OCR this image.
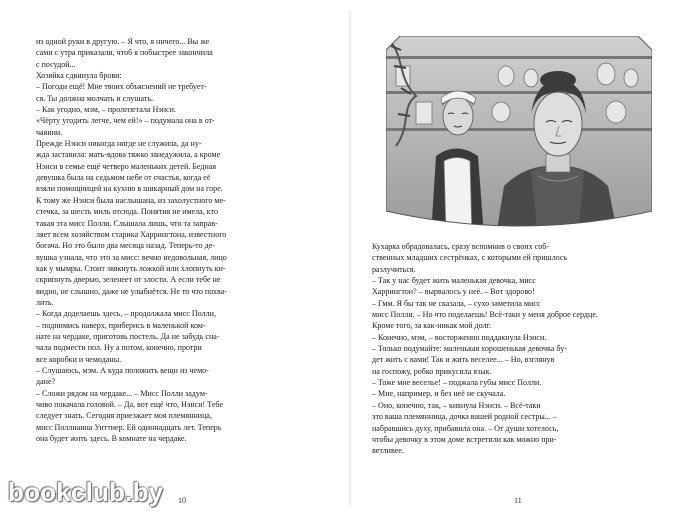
из одной руки в другую. – Я что, я ничего... Вы же

сами с утра приказали, чтоб я побыстрее закончила

с посудой...

Хозяйка сдвинула брови:

– Погоди ещё! Мне твоих объяснений не требует-

ся. Ты должна молчать и слушать.

– Как угодно, мэм, – пролепетала Нэнси.

«Чёрту угодить легче, чем ей!» – подумала она в от-

чаянии.

Прежде Нэнси никогда нигде не служила, да ну-

жда заставила: мать-вдова тяжко занедужила, а кроме

Нэнси в семье ещё четверо маленьких детей. Бедная

девушка была на седьмом небе от счастья, когда её

взяли помощницей на кухню в шикарный дом на горе.

К тому же Нэнси была наслышана, из захолустного ме-

стечка, за шесть миль отсюда. Понятия не имела, кто

такая эта мисс Полли. Слышала лишь, что та заправ-

ляет всем хозяйством старика Харрингтона, известного

богача. Но это было два месяца назад. Теперь-то де-

вушка узнала, что это за мисс: вечно недовольная, лицо

как у мымры. Стоит звякнуть ложкой или хлопнуть ки-

скрипнуть дверью, зеленеет от злости. А если тебе не

видно, не слышно, даже не улыбнётся. Не то что похва-

лить.

– Когда доделаешь здесь, – продолжала мисс Полли,

– поднимись наверх, приберись в маленькой ком-

нате на чердаке, приготовь постель. Да не забудь сна-

чала подмести пол. Ну а потом, конечно, протри

все коробки и чемоданы.

– Слушаюсь, мэм. А куда положить вещи из чемо-

дане?

– Сложи рядом на чердаке... – Мисс Полли задум-

чиво покачала головой. – Да, вот ещё что, Нэнси! Тебе

следует знать. Сегодня приезжает моя племянница,

мисс Поллианна Уиттиер. Ей одиннадцать лет. Теперь

она будет жить здесь. В комнате на чердаке.

10

Кухарка обрадовалась, сразу вспомнив о своих соб-

ственных младших сестрёнках, с которыми ей пришлось

разлучиться.

– Так у нас будет жить маленькая девочка, мисс

Харрингтон? – вырвалось у неё. – Вот здорово!

– Гмм. Я бы так не сказала, – сухо заметила мисс

мисс Полли. – Но что поделаешь! Всё-таки у меня доброе сердце.

Кроме того, за как-никак мой долг.

– Конечно, мэм, – восторженно поддакнула Нэнси.

– Только подумайте: маленькая хорошенькая девочка бу-

дет жить с вами! Так и жить веселее... – Но, взглянув

на госпожу, робко прикусила язык.

– Тоже мне веселье! – поджала губы мисс Полли.

– Мне, например, и без неё не скучала.

– Оно, конечно, так, – кивнула Нэнси. – Всё-таки

это ваша племянница, дочка вашей родной сестры... –

набравшись духу, прибавила она. – От души хотелось,

чтобы девочку в этом доме встретили как можно при-

ветливее.

11
bookclub.by
